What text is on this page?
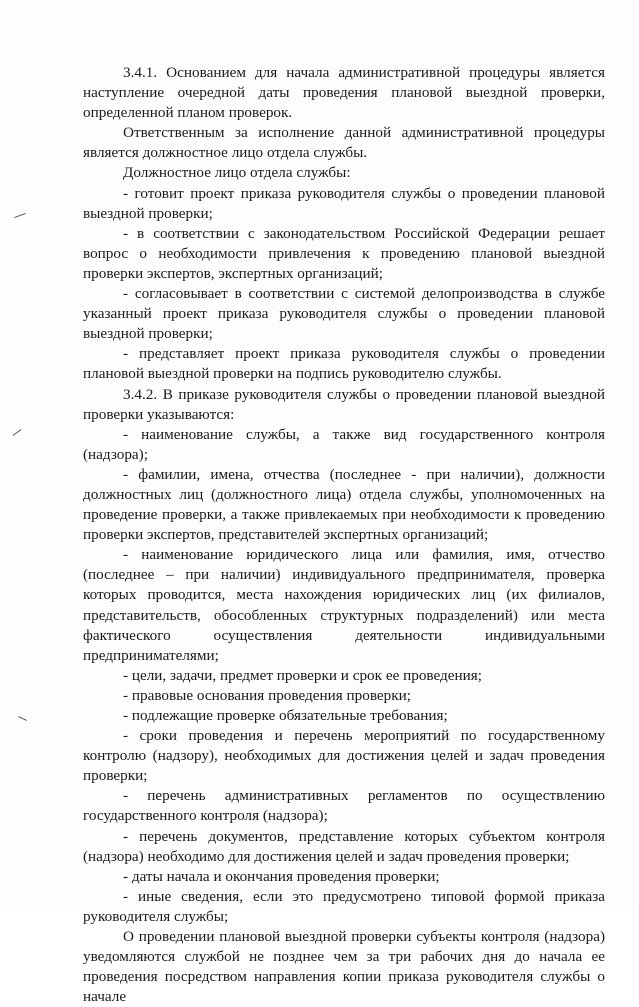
3.4.1. Основанием для начала административной процедуры является наступление очередной даты проведения плановой выездной проверки, определенной планом проверок.

Ответственным за исполнение данной административной процедуры является должностное лицо отдела службы.

Должностное лицо отдела службы:

- готовит проект приказа руководителя службы о проведении плановой выездной проверки;

- в соответствии с законодательством Российской Федерации решает вопрос о необходимости привлечения к проведению плановой выездной проверки экспертов, экспертных организаций;

- согласовывает в соответствии с системой делопроизводства в службе указанный проект приказа руководителя службы о проведении плановой выездной проверки;

- представляет проект приказа руководителя службы о проведении плановой выездной проверки на подпись руководителю службы.

3.4.2. В приказе руководителя службы о проведении плановой выездной проверки указываются:

- наименование службы, а также вид государственного контроля (надзора);

- фамилии, имена, отчества (последнее - при наличии), должности должностных лиц (должностного лица) отдела службы, уполномоченных на проведение проверки, а также привлекаемых при необходимости к проведению проверки экспертов, представителей экспертных организаций;

- наименование юридического лица или фамилия, имя, отчество (последнее – при наличии) индивидуального предпринимателя, проверка которых проводится, места нахождения юридических лиц (их филиалов, представительств, обособленных структурных подразделений) или места фактического осуществления деятельности индивидуальными предпринимателями;

- цели, задачи, предмет проверки и срок ее проведения;

- правовые основания проведения проверки;

- подлежащие проверке обязательные требования;

- сроки проведения и перечень мероприятий по государственному контролю (надзору), необходимых для достижения целей и задач проведения проверки;

- перечень административных регламентов по осуществлению государственного контроля (надзора);

- перечень документов, представление которых субъектом контроля (надзора) необходимо для достижения целей и задач проведения проверки;

- даты начала и окончания проведения проверки;

- иные сведения, если это предусмотрено типовой формой приказа руководителя службы;

О проведении плановой выездной проверки субъекты контроля (надзора) уведомляются службой не позднее чем за три рабочих дня до начала ее проведения посредством направления копии приказа руководителя службы о начале
